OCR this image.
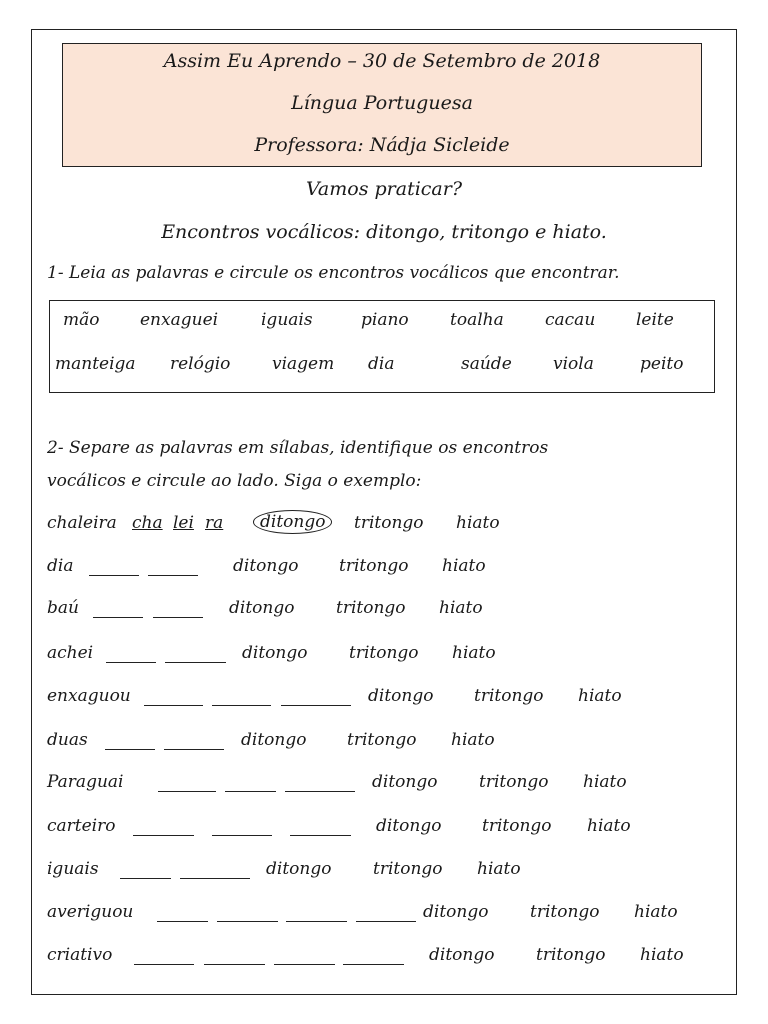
Assim Eu Aprendo – 30 de Setembro de 2018
Língua Portuguesa
Professora: Nádja Sicleide
Vamos praticar?
Encontros vocálicos: ditongo, tritongo e hiato.
1- Leia as palavras e circule os encontros vocálicos que encontrar.
mão enxaguei	iguais	piano toalha cacau leite
manteiga relógio viagem dia	saúde viola	peito
2- Separe as palavras em sílabas, identifique os encontros
vocálicos e circule ao lado. Siga o exemplo:
chaleira cha lei ra	ditongo	tritongo hiato
dia	ditongo tritongo hiato
baú	ditongo tritongo hiato
achei	ditongo tritongo hiato
enxaguou	ditongo tritongo hiato
duas	ditongo tritongo hiato
Paraguai	ditongo tritongo hiato
carteiro	ditongo tritongo hiato
iguais	ditongo tritongo hiato
averiguou	ditongo tritongo hiato
criativo	ditongo tritongo hiato
